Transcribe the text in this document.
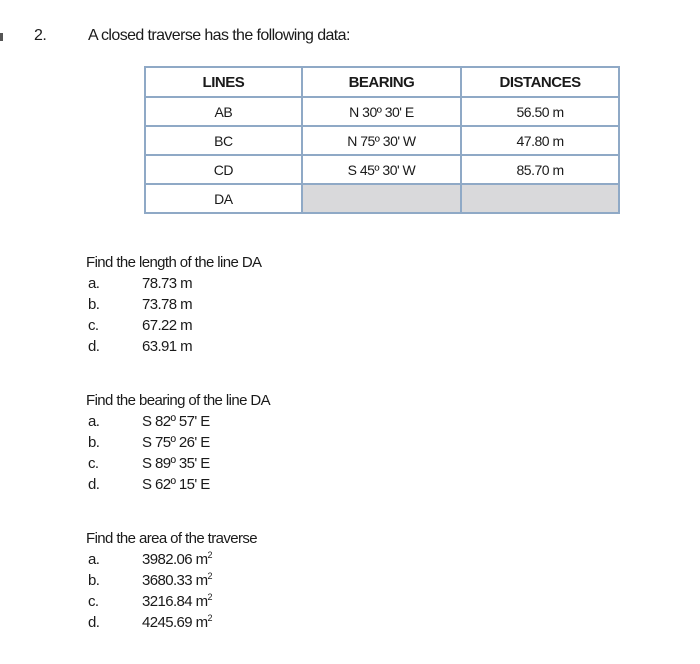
2.	A closed traverse has the following data:
LINES	BEARING	DISTANCES
AB	N 30º 30' E	56.50 m
BC	N 75º 30' W	47.80 m
CD	S 45º 30' W	85.70 m
DA		
Find the length of the line DA
a.	78.73 m
b.	73.78 m
c.	67.22 m
d.	63.91 m
Find the bearing of the line DA
a.	S 82º 57' E
b.	S 75º 26' E
c.	S 89º 35' E
d.	S 62º 15' E
Find the area of the traverse
a.	3982.06 $m^2$
b.	3680.33 $m^2$
c.	3216.84 $m^2$
d.	4245.69 $m^2$
